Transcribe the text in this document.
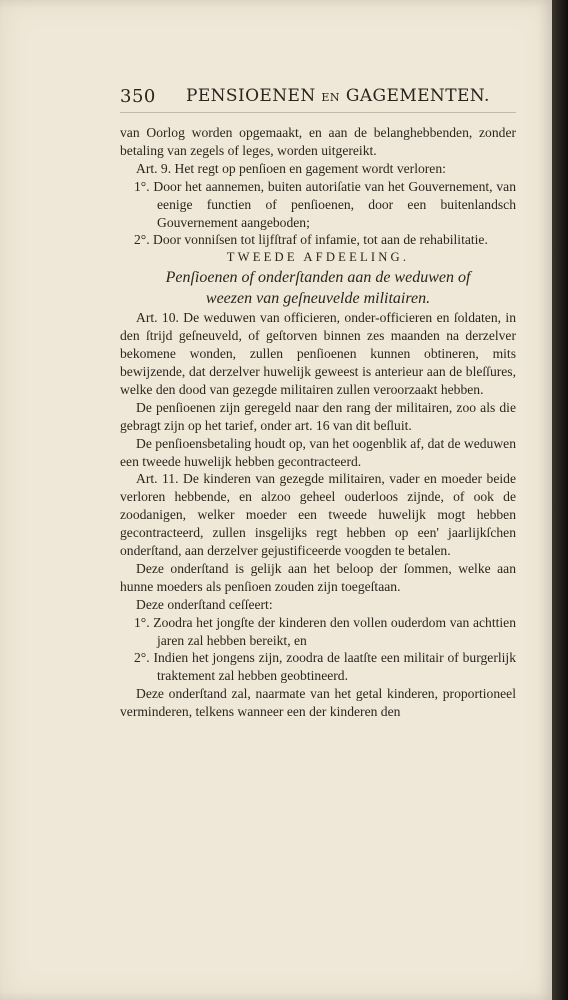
350 PENSIOENEN EN GAGEMENTEN.

van Oorlog worden opgemaakt, en aan de belanghebbenden, zonder betaling van zegels of leges, worden uitgereikt.

Art. 9. Het regt op penſioen en gagement wordt verloren:

1°. Door het aannemen, buiten autoriſatie van het Gouvernement, van eenige functien of penſioenen, door een buitenlandsch Gouvernement aangeboden;

2°. Door vonniſsen tot lijfſtraf of infamie, tot aan de rehabilitatie.

TWEEDE AFDEELING.

Penſioenen of onderſtanden aan de weduwen of
weezen van geſneuvelde militairen.

Art. 10. De weduwen van officieren, onder-officieren en ſoldaten, in den ſtrijd geſneuveld, of geſtorven binnen zes maanden na derzelver bekomene wonden, zullen penſioenen kunnen obtineren, mits bewijzende, dat derzelver huwelijk geweest is anterieur aan de bleſſures, welke den dood van gezegde militairen zullen veroorzaakt hebben.

De penſioenen zijn geregeld naar den rang der militairen, zoo als die gebragt zijn op het tarief, onder art. 16 van dit beſluit.

De penſioensbetaling houdt op, van het oogenblik af, dat de weduwen een tweede huwelijk hebben gecontracteerd.

Art. 11. De kinderen van gezegde militairen, vader en moeder beide verloren hebbende, en alzoo geheel ouderloos zijnde, of ook de zoodanigen, welker moeder een tweede huwelijk mogt hebben gecontracteerd, zullen insgelijks regt hebben op een' jaarlijkſchen onderſtand, aan derzelver gejustificeerde voogden te betalen.

Deze onderſtand is gelijk aan het beloop der ſommen, welke aan hunne moeders als penſioen zouden zijn toegeſtaan.

Deze onderſtand ceſſeert:

1°. Zoodra het jongſte der kinderen den vollen ouderdom van achttien jaren zal hebben bereikt, en

2°. Indien het jongens zijn, zoodra de laatſte een militair of burgerlijk traktement zal hebben geobtineerd.

Deze onderſtand zal, naarmate van het getal kinderen, proportioneel verminderen, telkens wanneer een der kinderen den
